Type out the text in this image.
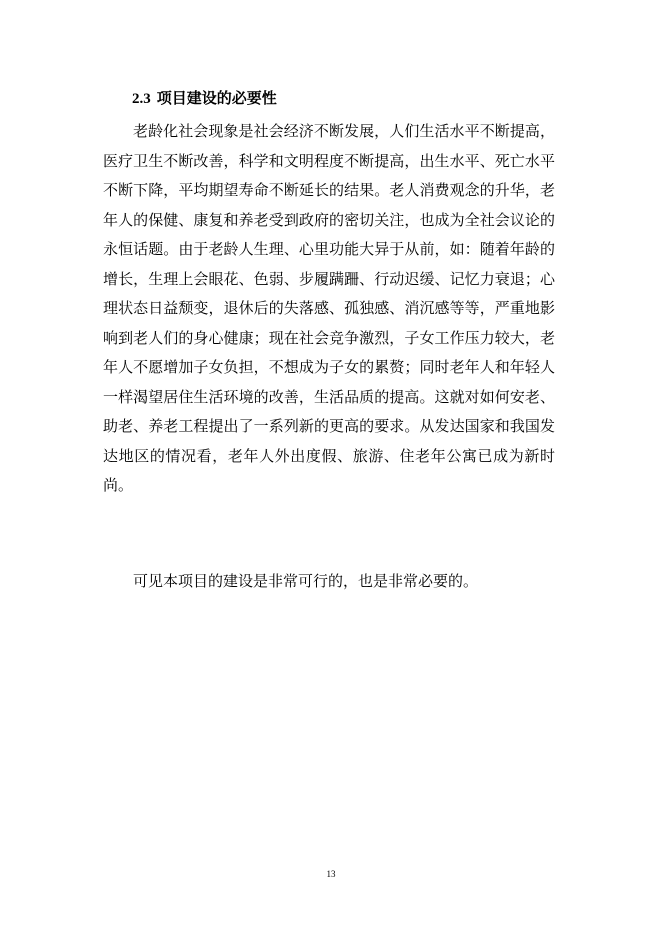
2.3 项目建设的必要性

老龄化社会现象是社会经济不断发展，人们生活水平不断提高，医疗卫生不断改善，科学和文明程度不断提高，出生水平、死亡水平不断下降，平均期望寿命不断延长的结果。老人消费观念的升华，老年人的保健、康复和养老受到政府的密切关注，也成为全社会议论的永恒话题。由于老龄人生理、心里功能大异于从前，如：随着年龄的增长，生理上会眼花、色弱、步履蹒跚、行动迟缓、记忆力衰退；心理状态日益颓变，退休后的失落感、孤独感、消沉感等等，严重地影响到老人们的身心健康；现在社会竞争激烈，子女工作压力较大，老年人不愿增加子女负担，不想成为子女的累赘；同时老年人和年轻人一样渴望居住生活环境的改善，生活品质的提高。这就对如何安老、助老、养老工程提出了一系列新的更高的要求。从发达国家和我国发达地区的情况看，老年人外出度假、旅游、住老年公寓已成为新时尚。

可见本项目的建设是非常可行的，也是非常必要的。

13
